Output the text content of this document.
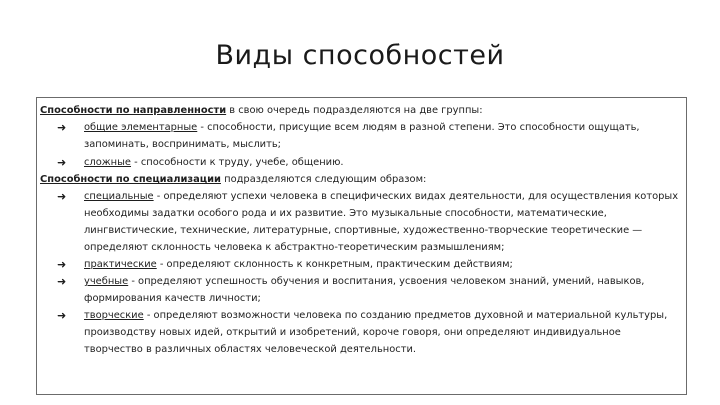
Виды способностей
Способности по направленности в свою очередь подразделяются на две группы:
➜ общие элементарные - способности, присущие всем людям в разной степени. Это способности ощущать, запоминать, воспринимать, мыслить;
➜ сложные - способности к труду, учебе, общению.
Способности по специализации подразделяются следующим образом:
➜ специальные - определяют успехи человека в специфических видах деятельности, для осуществления которых необходимы задатки особого рода и их развитие. Это музыкальные способности, математические, лингвистические, технические, литературные, спортивные, художественно-творческие теоретические — определяют склонность человека к абстрактно-теоретическим размышлениям;
➜ практические - определяют склонность к конкретным, практическим действиям;
➜ учебные - определяют успешность обучения и воспитания, усвоения человеком знаний, умений, навыков, формирования качеств личности;
➜ творческие - определяют возможности человека по созданию предметов духовной и материальной культуры, производству новых идей, открытий и изобретений, короче говоря, они определяют индивидуальное творчество в различных областях человеческой деятельности.
